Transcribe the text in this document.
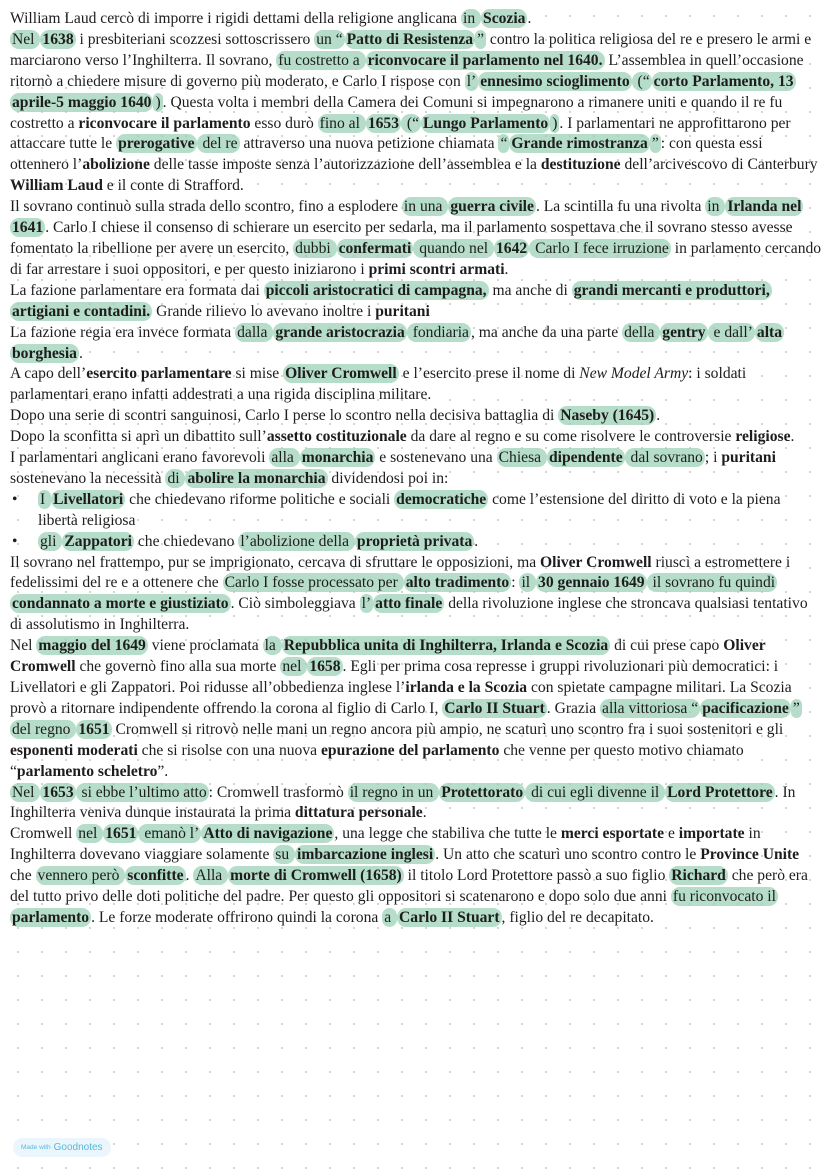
William Laud cercò di imporre i rigidi dettami della religione anglicana in Scozia .
Nel 1638 i presbiteriani scozzesi sottoscrissero un “ Patto di Resistenza ” contro la politica religiosa del re e presero le armi e marciarono verso l’Inghilterra. Il sovrano, fu costretto a riconvocare il parlamento nel 1640. L’assemblea in quell’occasione ritornò a chiedere misure di governo più moderato, e Carlo I rispose con l’ ennesimo scioglimento (“ corto Parlamento, 13 aprile-5 maggio 1640 ) . Questa volta i membri della Camera dei Comuni si impegnarono a rimanere uniti e quando il re fu costretto a riconvocare il parlamento esso durò fino al 1653 (“ Lungo Parlamento ) . I parlamentari ne approfittarono per attaccare tutte le prerogative del re attraverso una nuova petizione chiamata “ Grande rimostranza ” : con questa essi ottennero l’abolizione delle tasse imposte senza l’autorizzazione dell’assemblea e la destituzione dell’arcivescovo di Canterbury William Laud e il conte di Strafford.
Il sovrano continuò sulla strada dello scontro, fino a esplodere in una guerra civile . La scintilla fu una rivolta in Irlanda nel 1641 . Carlo I chiese il consenso di schierare un esercito per sedarla, ma il parlamento sospettava che il sovrano stesso avesse fomentato la ribellione per avere un esercito, dubbi confermati quando nel 1642 Carlo I fece irruzione in parlamento cercando di far arrestare i suoi oppositori, e per questo iniziarono i primi scontri armati.
La fazione parlamentare era formata dai piccoli aristocratici di campagna, ma anche di grandi mercanti e produttori, artigiani e contadini. Grande rilievo lo avevano inoltre i puritani
La fazione regia era invece formata dalla grande aristocrazia fondiaria , ma anche da una parte della gentry e dall’ alta borghesia .
A capo dell’esercito parlamentare si mise Oliver Cromwell e l’esercito prese il nome di New Model Army: i soldati parlamentari erano infatti addestrati a una rigida disciplina militare.
Dopo una serie di scontri sanguinosi, Carlo I perse lo scontro nella decisiva battaglia di Naseby (1645) .
Dopo la sconfitta si aprì un dibattito sull’assetto costituzionale da dare al regno e su come risolvere le controversie religiose.
I parlamentari anglicani erano favorevoli alla monarchia e sostenevano una Chiesa dipendente dal sovrano ; i puritani sostenevano la necessità di abolire la monarchia dividendosi poi in:
• I Livellatori che chiedevano riforme politiche e sociali democratiche come l’estensione del diritto di voto e la piena libertà religiosa
• gli Zappatori che chiedevano l’abolizione della proprietà privata .
Il sovrano nel frattempo, pur se imprigionato, cercava di sfruttare le opposizioni, ma Oliver Cromwell riuscì a estromettere i fedelissimi del re e a ottenere che Carlo I fosse processato per alto tradimento : il 30 gennaio 1649 il sovrano fu quindi condannato a morte e giustiziato . Ciò simboleggiava l’ atto finale della rivoluzione inglese che stroncava qualsiasi tentativo di assolutismo in Inghilterra.
Nel maggio del 1649 viene proclamata la Repubblica unita di Inghilterra, Irlanda e Scozia di cui prese capo Oliver Cromwell che governò fino alla sua morte nel 1658 . Egli per prima cosa represse i gruppi rivoluzionari più democratici: i Livellatori e gli Zappatori. Poi ridusse all’obbedienza inglese l’irlanda e la Scozia con spietate campagne militari. La Scozia provò a ritornare indipendente offrendo la corona al figlio di Carlo I, Carlo II Stuart . Grazia alla vittoriosa “ pacificazione ” del regno 1651 Cromwell si ritrovò nelle mani un regno ancora più ampio, ne scaturì uno scontro fra i suoi sostenitori e gli esponenti moderati che si risolse con una nuova epurazione del parlamento che venne per questo motivo chiamato “parlamento scheletro”.
Nel 1653 si ebbe l’ultimo atto : Cromwell trasformò il regno in un Protettorato di cui egli divenne il Lord Protettore . In Inghilterra veniva dunque instaurata la prima dittatura personale.
Cromwell nel 1651 emanò l’ Atto di navigazione , una legge che stabiliva che tutte le merci esportate e importate in Inghilterra dovevano viaggiare solamente su imbarcazione inglesi . Un atto che scaturì uno scontro contro le Province Unite che vennero però sconfitte . Alla morte di Cromwell (1658) il titolo Lord Protettore passò a suo figlio Richard che però era del tutto privo delle doti politiche del padre. Per questo gli oppositori si scatenarono e dopo solo due anni fu riconvocato il parlamento . Le forze moderate offrirono quindi la corona a Carlo II Stuart , figlio del re decapitato.
Made with Goodnotes
